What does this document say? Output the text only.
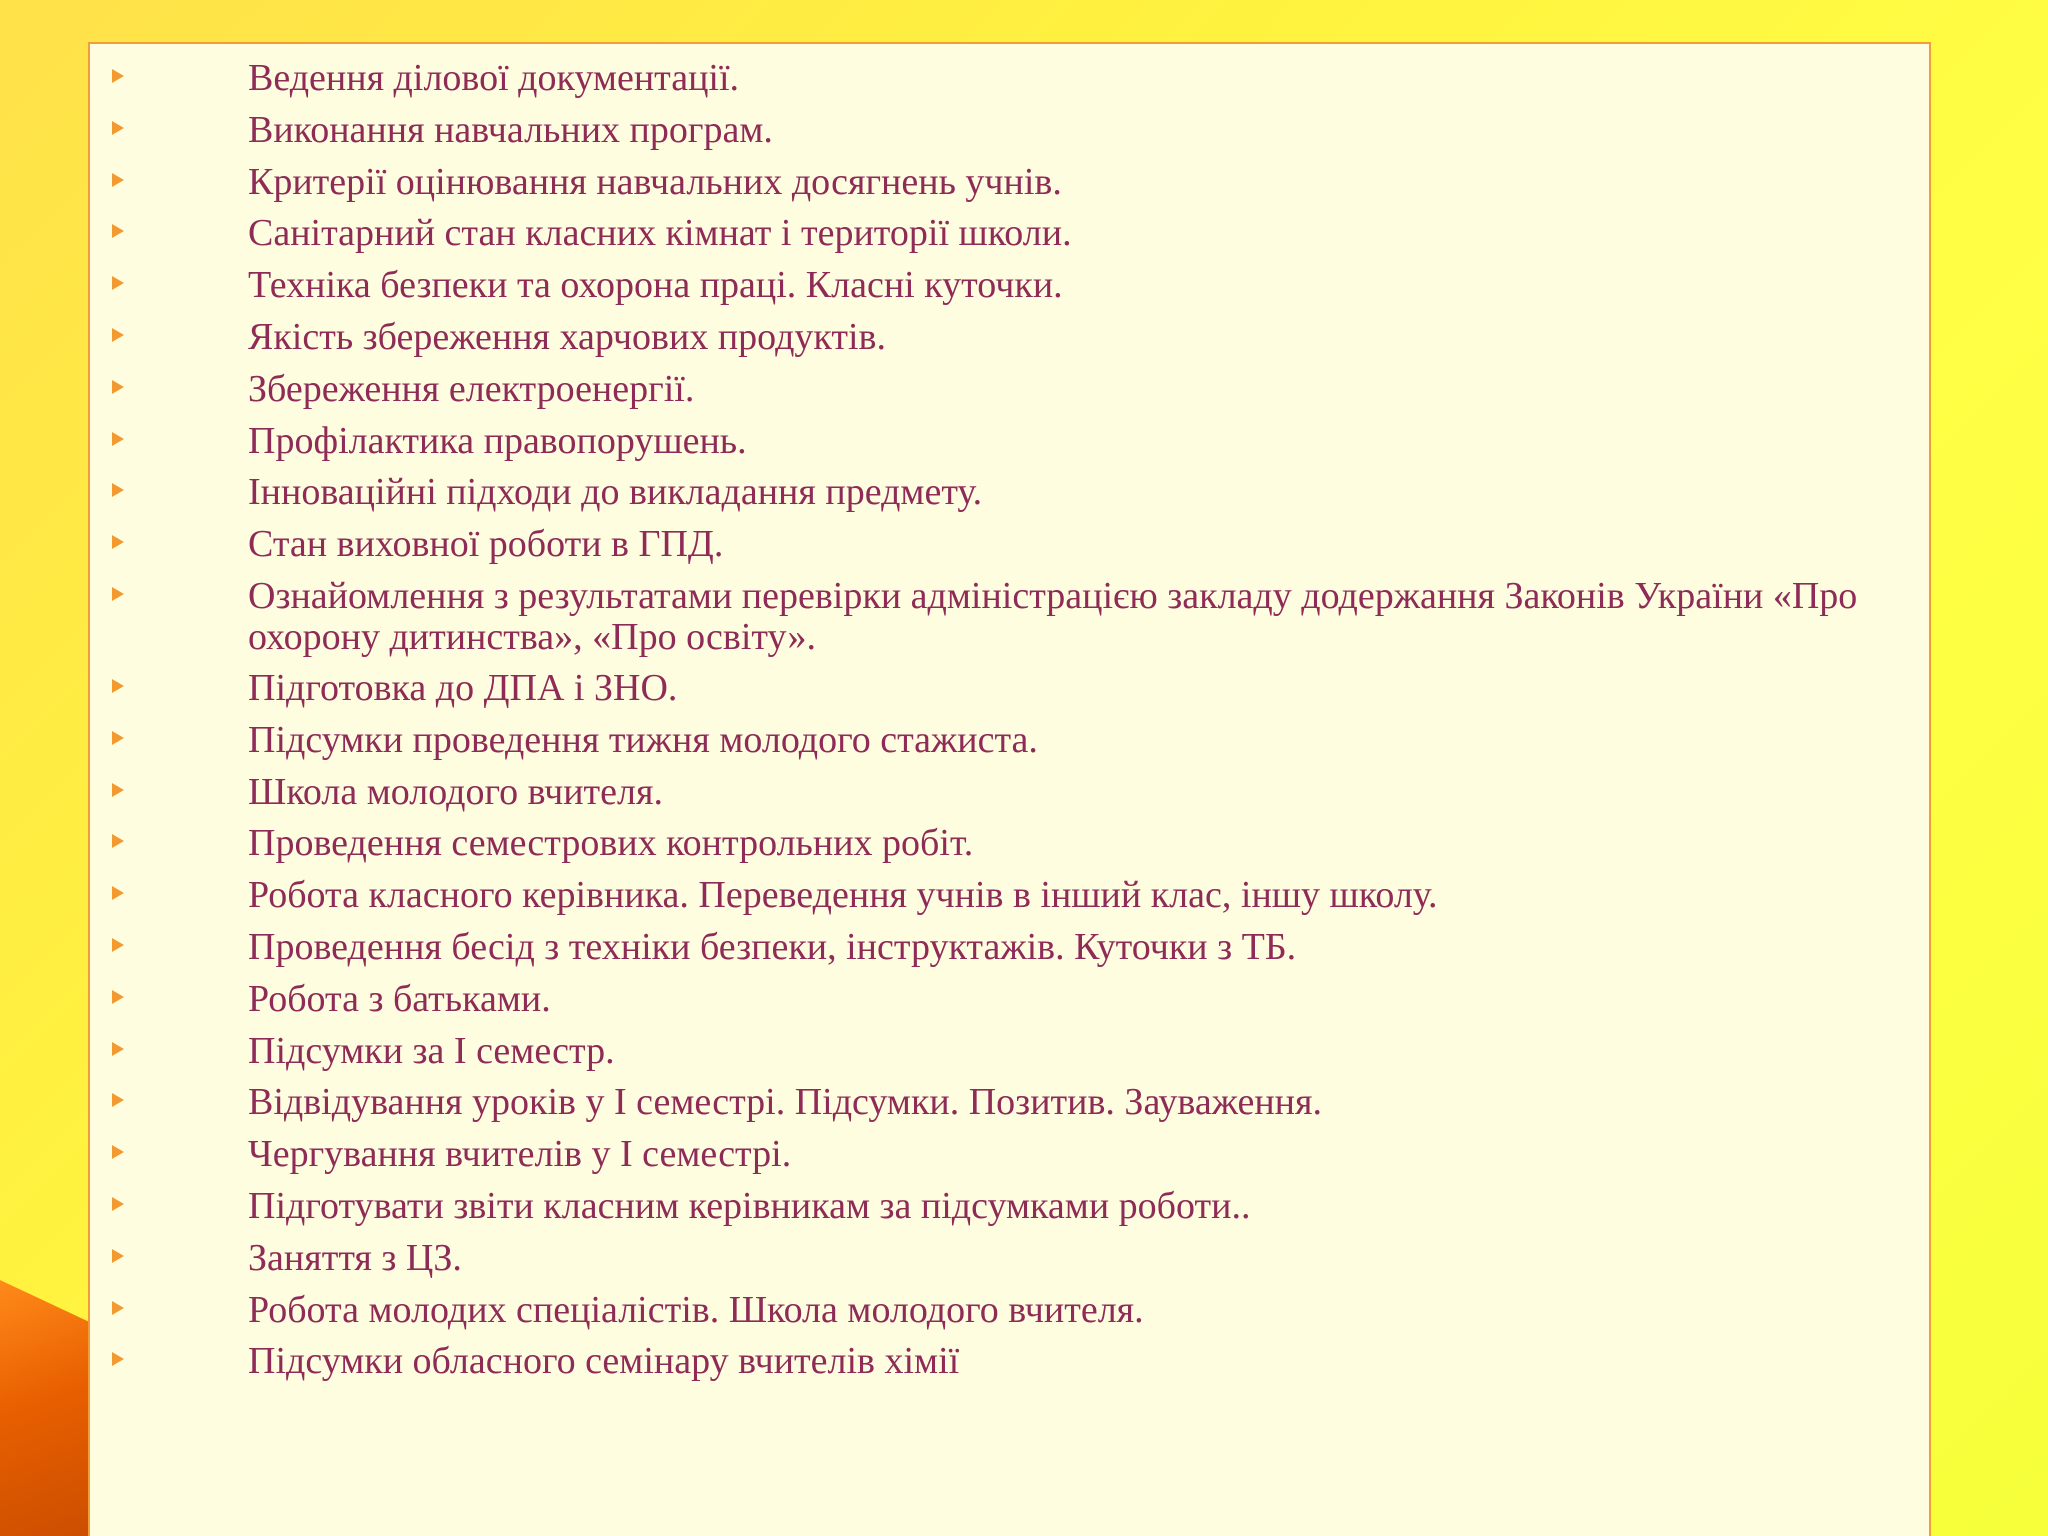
Ведення ділової документації.
Виконання навчальних програм.
Критерії оцінювання навчальних досягнень учнів.
Санітарний стан класних кімнат і території школи.
Техніка безпеки та охорона праці. Класні куточки.
Якість збереження харчових продуктів.
Збереження електроенергії.
Профілактика правопорушень.
Інноваційні підходи до викладання предмету.
Стан виховної роботи в ГПД.
Ознайомлення з результатами перевірки адміністрацією закладу додержання Законів України «Про охорону дитинства», «Про освіту».
Підготовка до ДПА і ЗНО.
Підсумки проведення тижня молодого стажиста.
Школа молодого вчителя.
Проведення семестрових контрольних робіт.
Робота класного керівника. Переведення учнів в інший клас, іншу школу.
Проведення бесід з техніки безпеки, інструктажів. Куточки з ТБ.
Робота з батьками.
Підсумки за І семестр.
Відвідування уроків у І семестрі. Підсумки. Позитив. Зауваження.
Чергування вчителів у І семестрі.
Підготувати звіти класним керівникам за підсумками роботи..
Заняття з ЦЗ.
Робота молодих спеціалістів. Школа молодого вчителя.
Підсумки обласного семінару вчителів хімії
